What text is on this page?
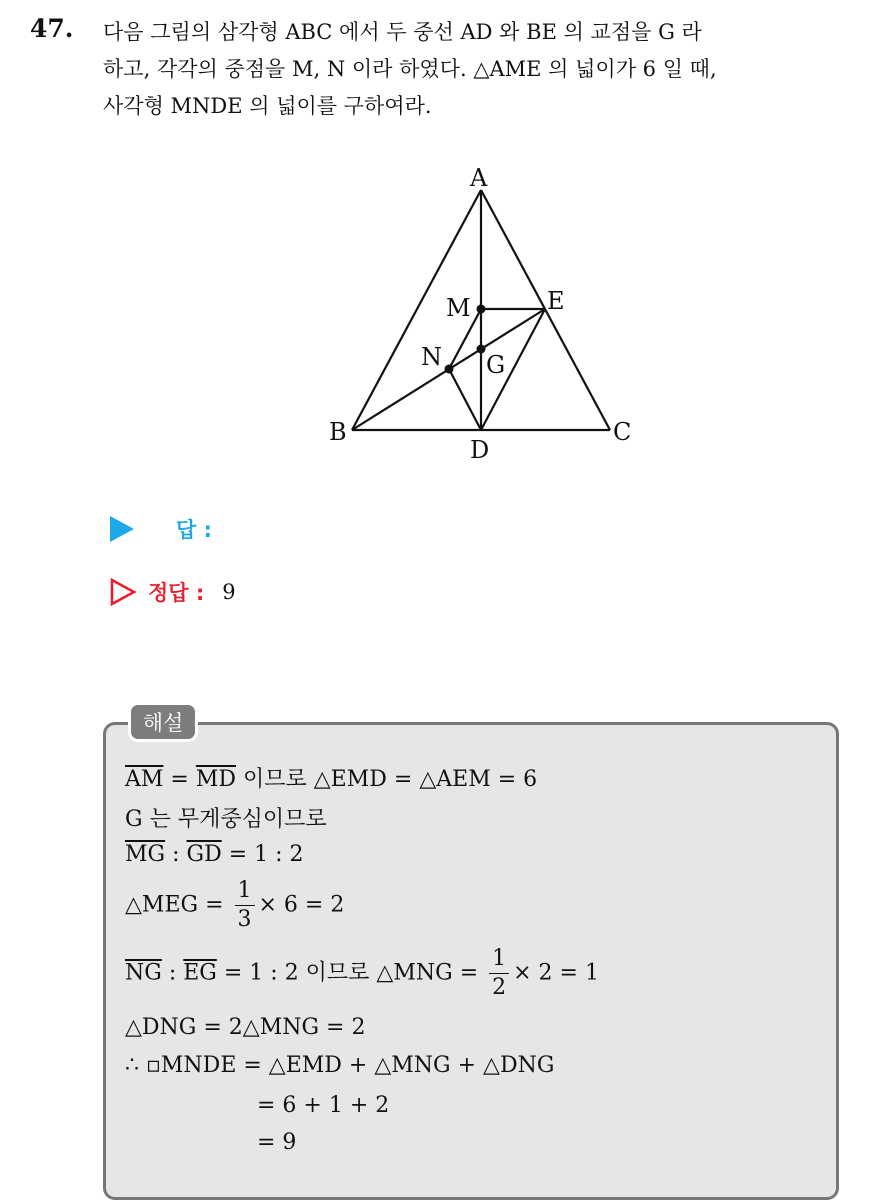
47. 다음 그림의 삼각형 ABC 에서 두 중선 AD 와 BE 의 교점을 G 라
하고, 각각의 중점을 M, N 이라 하였다. △AME 의 넓이가 6 일 때,
사각형 MNDE 의 넓이를 구하여라.
A
B	C
D
E
M
G
N
답 :
정답 : 9
해설
$\overline{AM} = \overline{MD}$ 이므로 △EMD = △AEM = 6
G 는 무게중심이므로
$\overline{MG}$ : $\overline{GD} = 1$ : 2
△MEG = $\frac{1}{3} \times 6 = 2$
$\overline{NG}$ : $\overline{EG} = 1$ : 2 이므로 △MNG = $\frac{1}{2} \times 2 = 1$
△DNG = 2△MNG = 2
∴ ▫MNDE = △EMD + △MNG + △DNG
= 6 + 1 + 2
= 9
